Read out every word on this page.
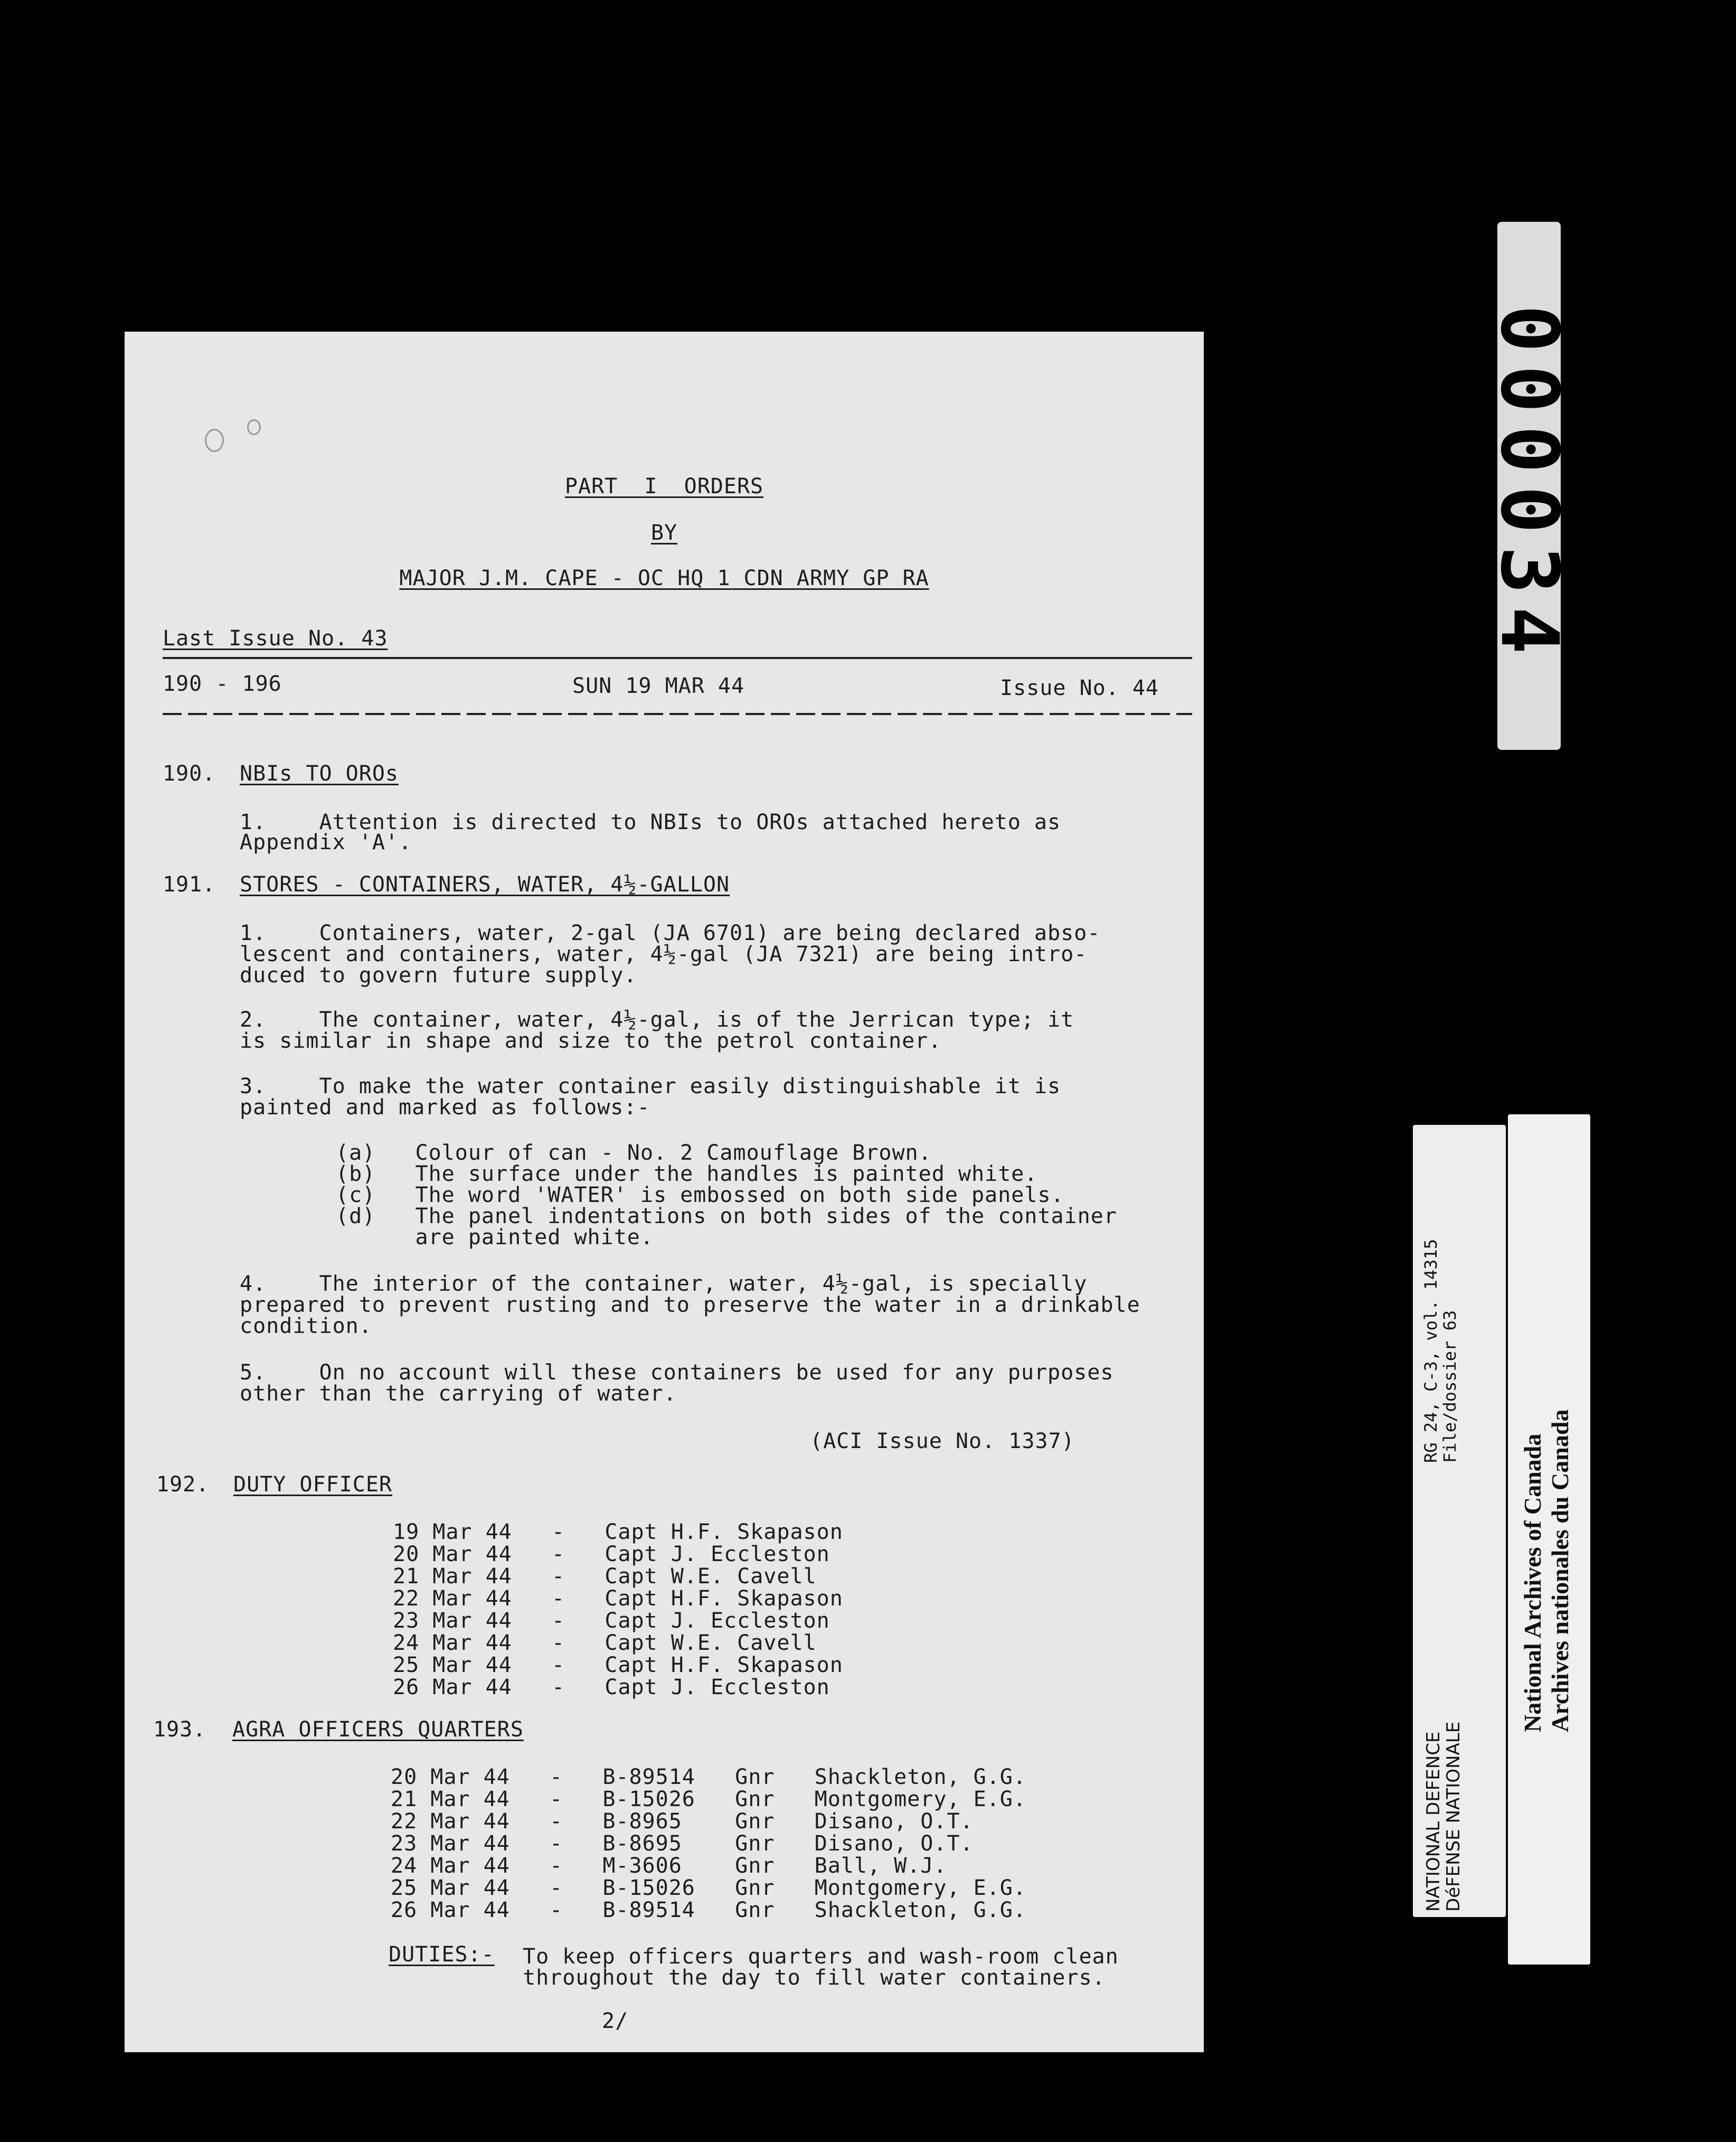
PART  I  ORDERS
BY
MAJOR J.M. CAPE - OC HQ 1 CDN ARMY GP RA
Last Issue No. 43
190 - 196	SUN 19 MAR 44	Issue No. 44
190. NBIs TO OROs
1.    Attention is directed to NBIs to OROs attached hereto as
Appendix 'A'.
191. STORES - CONTAINERS, WATER, 4½-GALLON
1.    Containers, water, 2-gal (JA 6701) are being declared abso-
lescent and containers, water, 4½-gal (JA 7321) are being intro-
duced to govern future supply.
2.    The container, water, 4½-gal, is of the Jerrican type; it
is similar in shape and size to the petrol container.
3.    To make the water container easily distinguishable it is
painted and marked as follows:-
(a)   Colour of can - No. 2 Camouflage Brown.
(b)   The surface under the handles is painted white.
(c)   The word 'WATER' is embossed on both side panels.
(d)   The panel indentations on both sides of the container
are painted white.
4.    The interior of the container, water, 4½-gal, is specially
prepared to prevent rusting and to preserve the water in a drinkable
condition.
5.    On no account will these containers be used for any purposes
other than the carrying of water.
(ACI Issue No. 1337)
192. DUTY OFFICER
19 Mar 44   -   Capt H.F. Skapason
20 Mar 44   -   Capt J. Eccleston
21 Mar 44   -   Capt W.E. Cavell
22 Mar 44   -   Capt H.F. Skapason
23 Mar 44   -   Capt J. Eccleston
24 Mar 44   -   Capt W.E. Cavell
25 Mar 44   -   Capt H.F. Skapason
26 Mar 44   -   Capt J. Eccleston
193. AGRA OFFICERS QUARTERS
20 Mar 44   -   B-89514   Gnr   Shackleton, G.G.
21 Mar 44   -   B-15026   Gnr   Montgomery, E.G.
22 Mar 44   -   B-8965    Gnr   Disano, O.T.
23 Mar 44   -   B-8695    Gnr   Disano, O.T.
24 Mar 44   -   M-3606    Gnr   Ball, W.J.
25 Mar 44   -   B-15026   Gnr   Montgomery, E.G.
26 Mar 44   -   B-89514   Gnr   Shackleton, G.G.
DUTIES:- To keep officers quarters and wash-room clean
throughout the day to fill water containers.
2/
000034
RG 24, C-3, vol. 14315
File/dossier 63
NATIONAL DEFENCE
DéFENSE NATIONALE
National Archives of Canada Archives nationales du Canada
